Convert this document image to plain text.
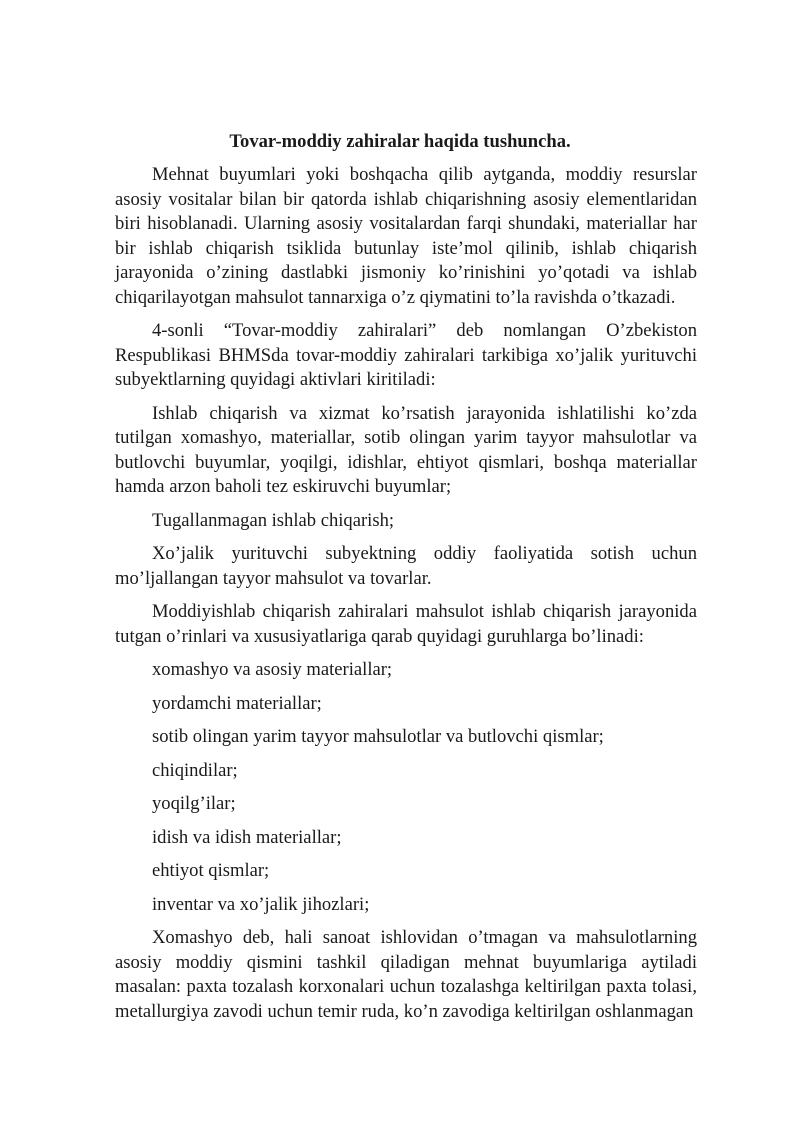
Tovar-moddiy zahiralar haqida tushuncha.

Mehnat buyumlari yoki boshqacha qilib aytganda, moddiy resurslar asosiy vositalar bilan bir qatorda ishlab chiqarishning asosiy elementlaridan biri hisoblanadi. Ularning asosiy vositalardan farqi shundaki, materiallar har bir ishlab chiqarish tsiklida butunlay iste’mol qilinib, ishlab chiqarish jarayonida o’zining dastlabki jismoniy ko’rinishini yo’qotadi va ishlab chiqarilayotgan mahsulot tannarxiga o’z qiymatini to’la ravishda o’tkazadi.

4-sonli “Tovar-moddiy zahiralari” deb nomlangan O’zbekiston Respublikasi BHMSda tovar-moddiy zahiralari tarkibiga xo’jalik yurituvchi subyektlarning quyidagi aktivlari kiritiladi:

Ishlab chiqarish va xizmat ko’rsatish jarayonida ishlatilishi ko’zda tutilgan xomashyo, materiallar, sotib olingan yarim tayyor mahsulotlar va butlovchi buyumlar, yoqilgi, idishlar, ehtiyot qismlari, boshqa materiallar hamda arzon baholi tez eskiruvchi buyumlar;

Tugallanmagan ishlab chiqarish;

Xo’jalik yurituvchi subyektning oddiy faoliyatida sotish uchun mo’ljallangan tayyor mahsulot va tovarlar.

Moddiyishlab chiqarish zahiralari mahsulot ishlab chiqarish jarayonida tutgan o’rinlari va xususiyatlariga qarab quyidagi guruhlarga bo’linadi:

xomashyo va asosiy materiallar;

yordamchi materiallar;

sotib olingan yarim tayyor mahsulotlar va butlovchi qismlar;

chiqindilar;

yoqilg’ilar;

idish va idish materiallar;

ehtiyot qismlar;

inventar va xo’jalik jihozlari;

Xomashyo deb, hali sanoat ishlovidan o’tmagan va mahsulotlarning asosiy moddiy qismini tashkil qiladigan mehnat buyumlariga aytiladi masalan: paxta tozalash korxonalari uchun tozalashga keltirilgan paxta tolasi, metallurgiya zavodi uchun temir ruda, ko’n zavodiga keltirilgan oshlanmagan
